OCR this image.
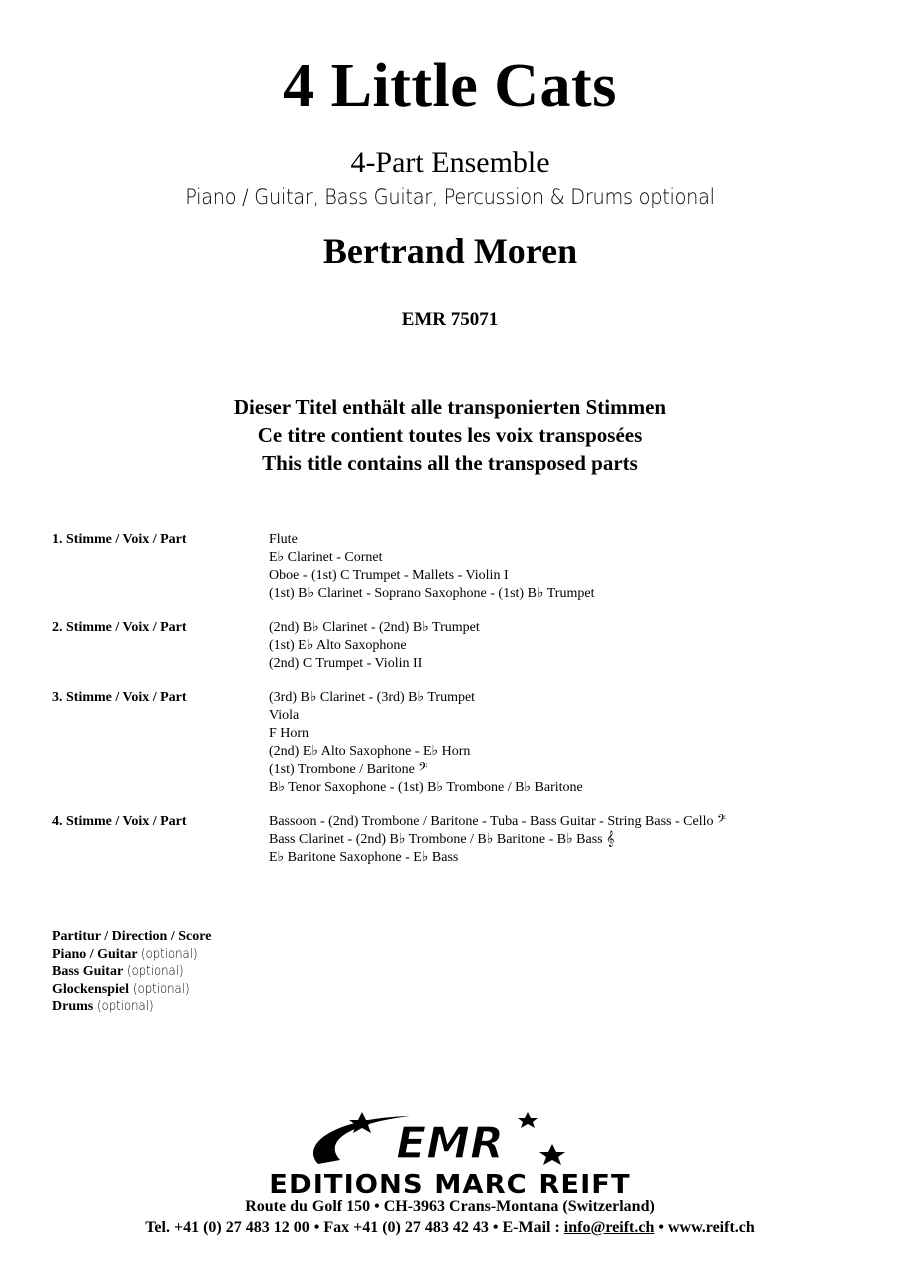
4 Little Cats
4-Part Ensemble
Piano / Guitar, Bass Guitar, Percussion & Drums optional
Bertrand Moren
EMR 75071
Dieser Titel enthält alle transponierten Stimmen
Ce titre contient toutes les voix transposées
This title contains all the transposed parts
1. Stimme / Voix / Part	Flute
E♭ Clarinet - Cornet
Oboe - (1st) C Trumpet - Mallets - Violin I
(1st) B♭ Clarinet - Soprano Saxophone - (1st) B♭ Trumpet
2. Stimme / Voix / Part	(2nd) B♭ Clarinet - (2nd) B♭ Trumpet
(1st) E♭ Alto Saxophone
(2nd) C Trumpet - Violin II
3. Stimme / Voix / Part	(3rd) B♭ Clarinet - (3rd) B♭ Trumpet
Viola
F Horn
(2nd) E♭ Alto Saxophone - E♭ Horn
(1st) Trombone / Baritone 𝄢
B♭ Tenor Saxophone - (1st) B♭ Trombone / B♭ Baritone
4. Stimme / Voix / Part	Bassoon - (2nd) Trombone / Baritone - Tuba - Bass Guitar - String Bass - Cello 𝄢
Bass Clarinet - (2nd) B♭ Trombone / B♭ Baritone - B♭ Bass 𝄞
E♭ Baritone Saxophone - E♭ Bass
Partitur / Direction / Score
Piano / Guitar (optional)
Bass Guitar (optional)
Glockenspiel (optional)
Drums (optional)
EMR
EDITIONS MARC REIFT
Route du Golf 150 • CH-3963 Crans-Montana (Switzerland)
Tel. +41 (0) 27 483 12 00 • Fax +41 (0) 27 483 42 43 • E-Mail : info@reift.ch • www.reift.ch
